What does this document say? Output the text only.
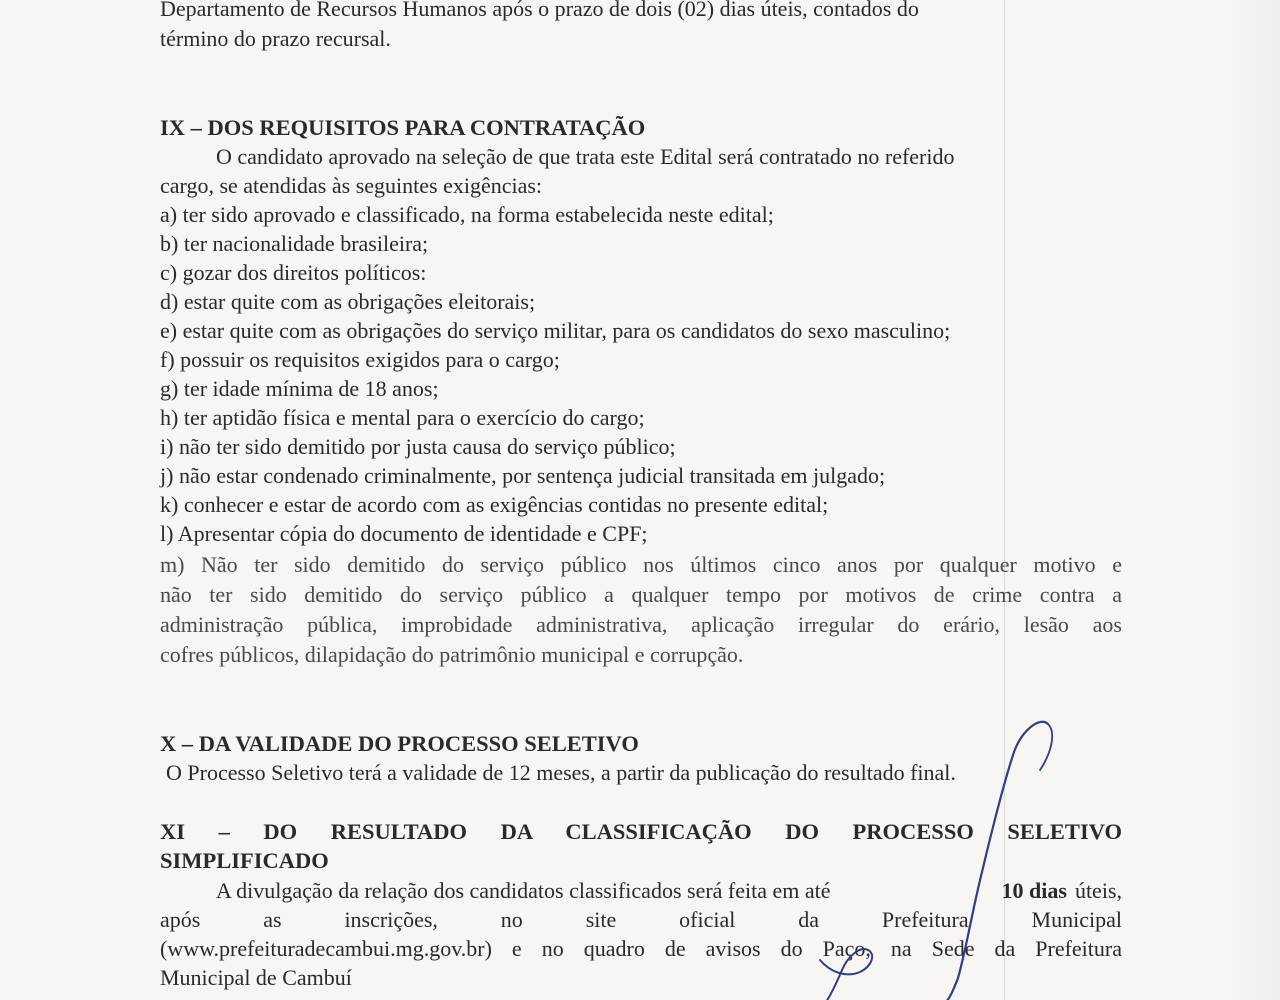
Departamento de Recursos Humanos após o prazo de dois (02) dias úteis, contados do
término do prazo recursal.
IX – DOS REQUISITOS PARA CONTRATAÇÃO
O candidato aprovado na seleção de que trata este Edital será contratado no referido
cargo, se atendidas às seguintes exigências:
a) ter sido aprovado e classificado, na forma estabelecida neste edital;
b) ter nacionalidade brasileira;
c) gozar dos direitos políticos:
d) estar quite com as obrigações eleitorais;
e) estar quite com as obrigações do serviço militar, para os candidatos do sexo masculino;
f) possuir os requisitos exigidos para o cargo;
g) ter idade mínima de 18 anos;
h) ter aptidão física e mental para o exercício do cargo;
i) não ter sido demitido por justa causa do serviço público;
j) não estar condenado criminalmente, por sentença judicial transitada em julgado;
k) conhecer e estar de acordo com as exigências contidas no presente edital;
l) Apresentar cópia do documento de identidade e CPF;
m) Não ter sido demitido do serviço público nos últimos cinco anos por qualquer motivo e
não ter sido demitido do serviço público a qualquer tempo por motivos de crime contra a
administração pública, improbidade administrativa, aplicação irregular do erário, lesão aos
cofres públicos, dilapidação do patrimônio municipal e corrupção.
X – DA VALIDADE DO PROCESSO SELETIVO
O Processo Seletivo terá a validade de 12 meses, a partir da publicação do resultado final.
XI – DO RESULTADO DA CLASSIFICAÇÃO DO PROCESSO SELETIVO
SIMPLIFICADO
A divulgação da relação dos candidatos classificados será feita em até	10 dias úteis,
após	as	inscrições,	no	site	oficial	da	Prefeitura	Municipal
(www.prefeituradecambui.mg.gov.br) e no quadro de avisos do Paço, na Sede da Prefeitura
Municipal de Cambuí
